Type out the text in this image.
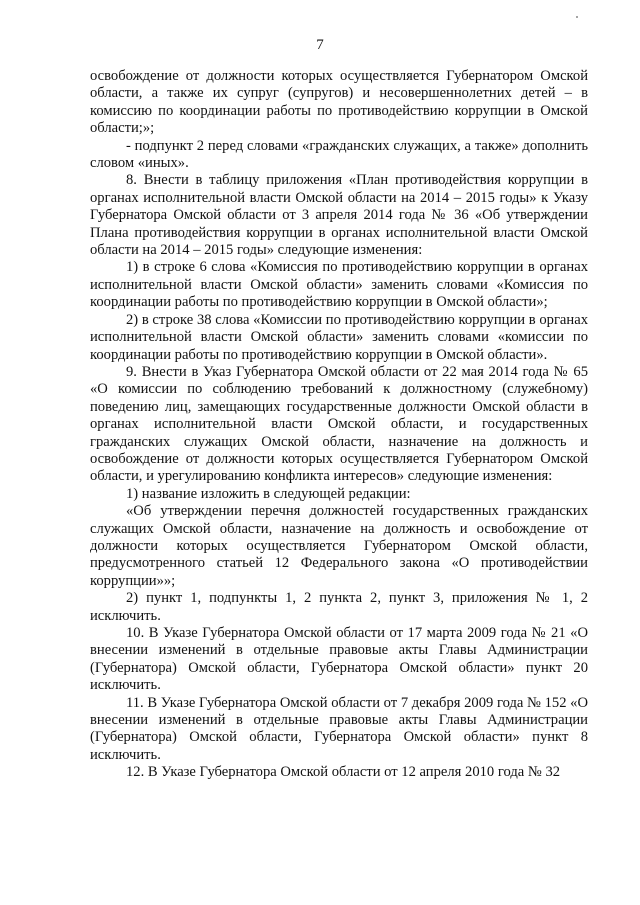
7

освобождение от должности которых осуществляется Губернатором Омской области, а также их супруг (супругов) и несовершеннолетних детей – в комиссию по координации работы по противодействию коррупции в Омской области;»;

- подпункт 2 перед словами «гражданских служащих, а также» дополнить словом «иных».

8. Внести в таблицу приложения «План противодействия коррупции в органах исполнительной власти Омской области на 2014 – 2015 годы» к Указу Губернатора Омской области от 3 апреля 2014 года № 36 «Об утверждении Плана противодействия коррупции в органах исполнительной власти Омской области на 2014 – 2015 годы» следующие изменения:

1) в строке 6 слова «Комиссия по противодействию коррупции в органах исполнительной власти Омской области» заменить словами «Комиссия по координации работы по противодействию коррупции в Омской области»;

2) в строке 38 слова «Комиссии по противодействию коррупции в органах исполнительной власти Омской области» заменить словами «комиссии по координации работы по противодействию коррупции в Омской области».

9. Внести в Указ Губернатора Омской области от 22 мая 2014 года № 65 «О комиссии по соблюдению требований к должностному (служебному) поведению лиц, замещающих государственные должности Омской области в органах исполнительной власти Омской области, и государственных гражданских служащих Омской области, назначение на должность и освобождение от должности которых осуществляется Губернатором Омской области, и урегулированию конфликта интересов» следующие изменения:

1) название изложить в следующей редакции:

«Об утверждении перечня должностей государственных гражданских служащих Омской области, назначение на должность и освобождение от должности которых осуществляется Губернатором Омской области, предусмотренного статьей 12 Федерального закона «О противодействии коррупции»»;

2) пункт 1, подпункты 1, 2 пункта 2, пункт 3, приложения № 1, 2 исключить.

10. В Указе Губернатора Омской области от 17 марта 2009 года № 21 «О внесении изменений в отдельные правовые акты Главы Администрации (Губернатора) Омской области, Губернатора Омской области» пункт 20 исключить.

11. В Указе Губернатора Омской области от 7 декабря 2009 года № 152 «О внесении изменений в отдельные правовые акты Главы Администрации (Губернатора) Омской области, Губернатора Омской области» пункт 8 исключить.

12. В Указе Губернатора Омской области от 12 апреля 2010 года № 32
